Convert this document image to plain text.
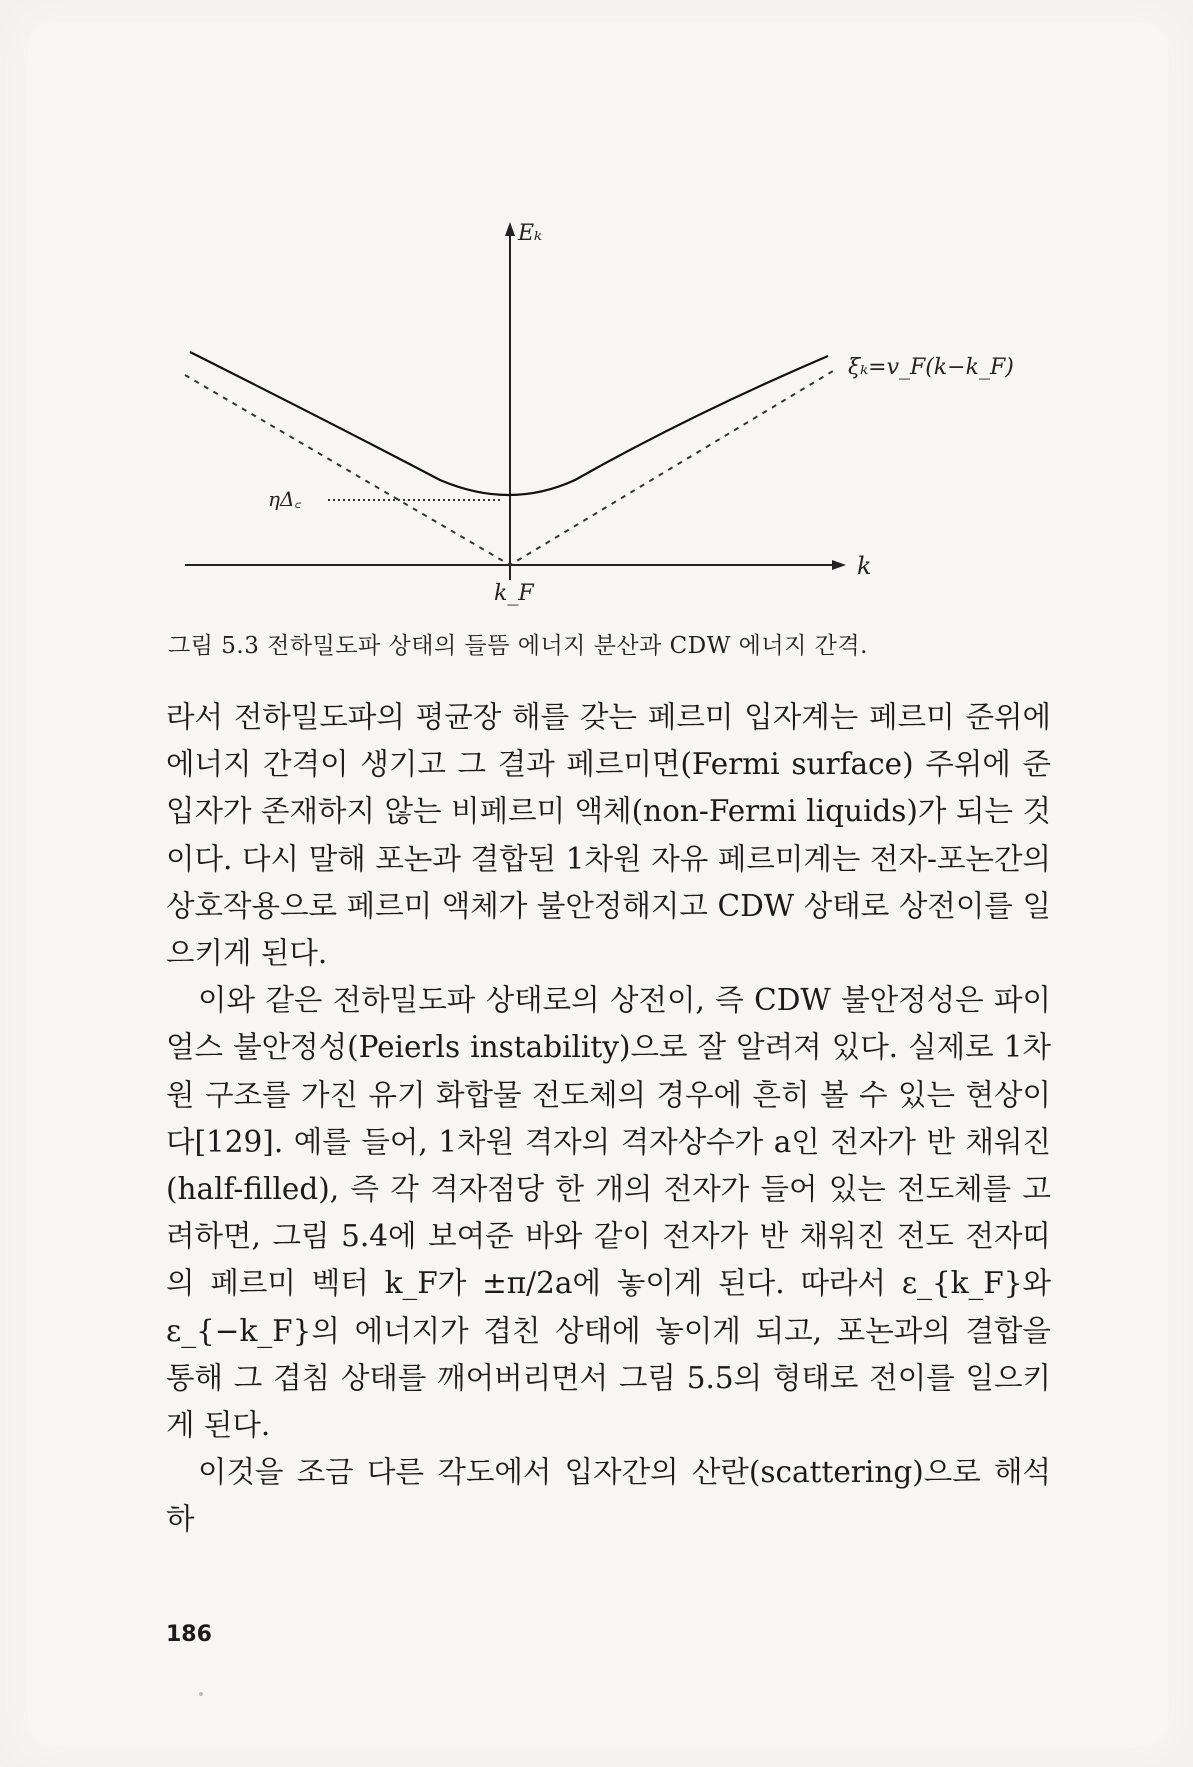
Eₖ
k
k_F
ηΔ꜀
ξₖ=v_F(k−k_F)
그림 5.3 전하밀도파 상태의 들뜸 에너지 분산과 CDW 에너지 간격.

라서 전하밀도파의 평균장 해를 갖는 페르미 입자계는 페르미 준위에 에너지 간격이 생기고 그 결과 페르미면(Fermi surface) 주위에 준입자가 존재하지 않는 비페르미 액체(non-Fermi liquids)가 되는 것이다. 다시 말해 포논과 결합된 1차원 자유 페르미계는 전자-포논간의 상호작용으로 페르미 액체가 불안정해지고 CDW 상태로 상전이를 일으키게 된다.

이와 같은 전하밀도파 상태로의 상전이, 즉 CDW 불안정성은 파이얼스 불안정성(Peierls instability)으로 잘 알려져 있다. 실제로 1차원 구조를 가진 유기 화합물 전도체의 경우에 흔히 볼 수 있는 현상이다[129]. 예를 들어, 1차원 격자의 격자상수가 a인 전자가 반 채워진(half-filled), 즉 각 격자점당 한 개의 전자가 들어 있는 전도체를 고려하면, 그림 5.4에 보여준 바와 같이 전자가 반 채워진 전도 전자띠의 페르미 벡터 k_F가 ±π/2a에 놓이게 된다. 따라서 ε_{k_F}와 ε_{−k_F}의 에너지가 겹친 상태에 놓이게 되고, 포논과의 결합을 통해 그 겹침 상태를 깨어버리면서 그림 5.5의 형태로 전이를 일으키게 된다.

이것을 조금 다른 각도에서 입자간의 산란(scattering)으로 해석하

186
